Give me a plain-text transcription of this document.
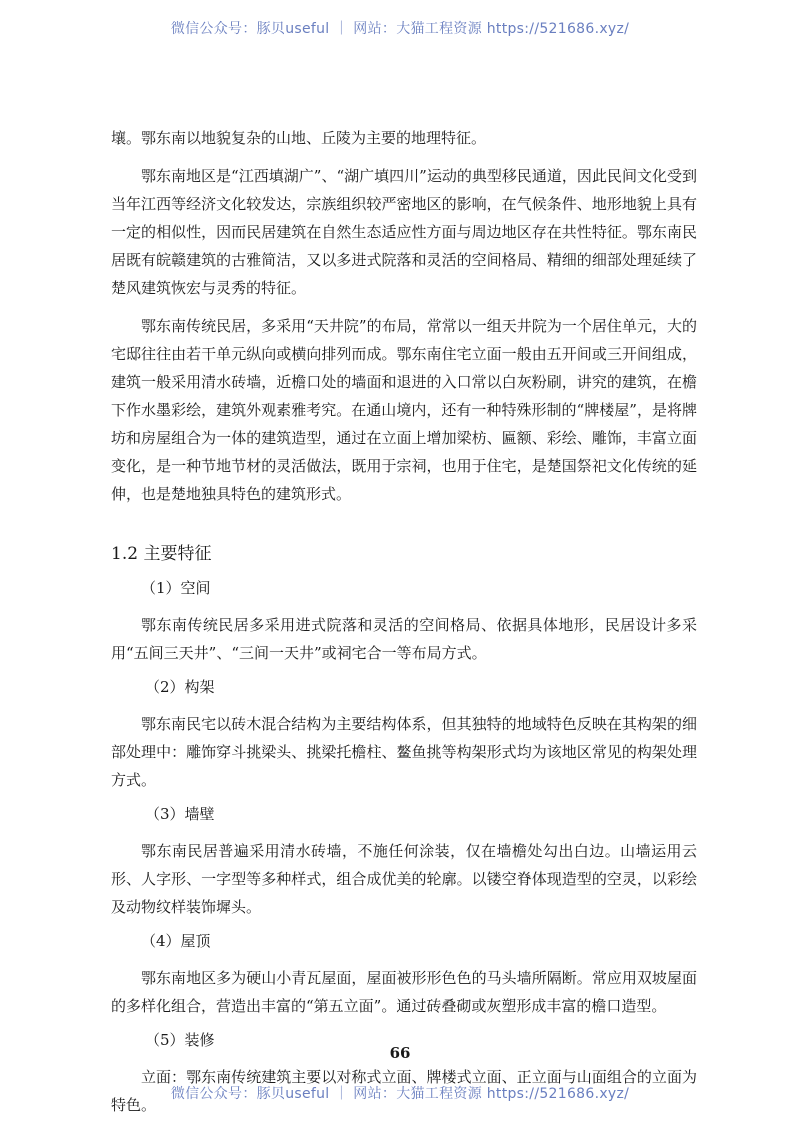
微信公众号：豚贝useful ｜ 网站：大猫工程资源 https://521686.xyz/

壤。鄂东南以地貌复杂的山地、丘陵为主要的地理特征。

鄂东南地区是“江西填湖广”、“湖广填四川”运动的典型移民通道，因此民间文化受到当年江西等经济文化较发达，宗族组织较严密地区的影响，在气候条件、地形地貌上具有一定的相似性，因而民居建筑在自然生态适应性方面与周边地区存在共性特征。鄂东南民居既有皖赣建筑的古雅简洁，又以多进式院落和灵活的空间格局、精细的细部处理延续了楚风建筑恢宏与灵秀的特征。

鄂东南传统民居，多采用“天井院”的布局，常常以一组天井院为一个居住单元，大的宅邸往往由若干单元纵向或横向排列而成。鄂东南住宅立面一般由五开间或三开间组成，建筑一般采用清水砖墙，近檐口处的墙面和退进的入口常以白灰粉刷，讲究的建筑，在檐下作水墨彩绘，建筑外观素雅考究。在通山境内，还有一种特殊形制的“牌楼屋”，是将牌坊和房屋组合为一体的建筑造型，通过在立面上增加梁枋、匾额、彩绘、雕饰，丰富立面变化，是一种节地节材的灵活做法，既用于宗祠，也用于住宅，是楚国祭祀文化传统的延伸，也是楚地独具特色的建筑形式。

1.2 主要特征
（1）空间

鄂东南传统民居多采用进式院落和灵活的空间格局、依据具体地形，民居设计多采用“五间三天井”、“三间一天井”或祠宅合一等布局方式。

（2）构架

鄂东南民宅以砖木混合结构为主要结构体系，但其独特的地域特色反映在其构架的细部处理中：雕饰穿斗挑梁头、挑梁托檐柱、鳌鱼挑等构架形式均为该地区常见的构架处理方式。

（3）墙壁

鄂东南民居普遍采用清水砖墙，不施任何涂装，仅在墙檐处勾出白边。山墙运用云形、人字形、一字型等多种样式，组合成优美的轮廓。以镂空脊体现造型的空灵，以彩绘及动物纹样装饰墀头。

（4）屋顶

鄂东南地区多为硬山小青瓦屋面，屋面被形形色色的马头墙所隔断。常应用双坡屋面的多样化组合，营造出丰富的“第五立面”。通过砖叠砌或灰塑形成丰富的檐口造型。

（5）装修

立面：鄂东南传统建筑主要以对称式立面、牌楼式立面、正立面与山面组合的立面为特色。

66
微信公众号：豚贝useful ｜ 网站：大猫工程资源 https://521686.xyz/
